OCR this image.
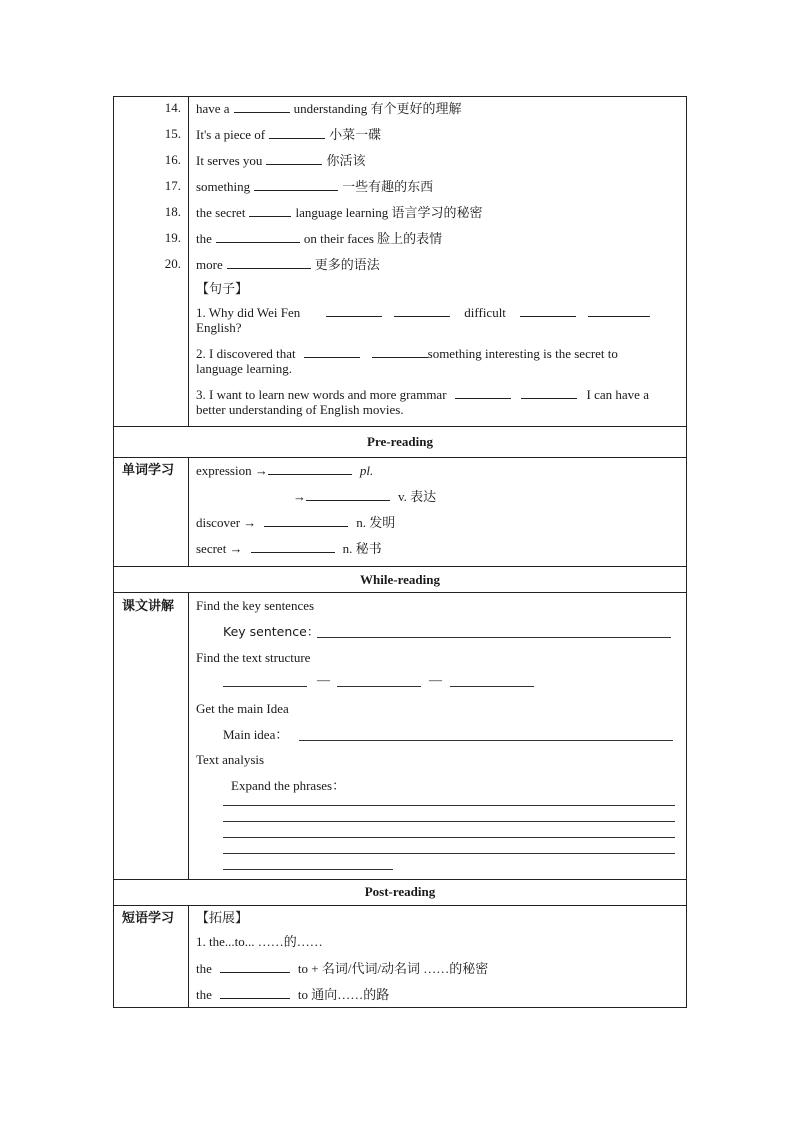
14. have a	understanding 有个更好的理解
15. It's a piece of	小菜一碟
16. It serves you	你活该
17. something	一些有趣的东西
18. the secret	language learning 语言学习的秘密
19. the	on their faces 脸上的表情
20. more	更多的语法
【句子】
1. Why did Wei Fen	difficult
English?
2. I discovered that	something interesting is the secret to
language learning.
3. I want to learn new words and more grammar	I can have a
better understanding of English movies.
Pre-reading
单词学习 expression →	pl.
→	v. 表达
discover →	n. 发明
secret →	n. 秘书
While-reading
课文讲解 Find the key sentences
Key sentence：
Find the text structure
—	—
Get the main Idea
Main idea：
Text analysis
Expand the phrases：
Post-reading
短语学习 【拓展】
1. the...to... ……的……
the	to + 名词/代词/动名词 ……的秘密
the	to 通向……的路
